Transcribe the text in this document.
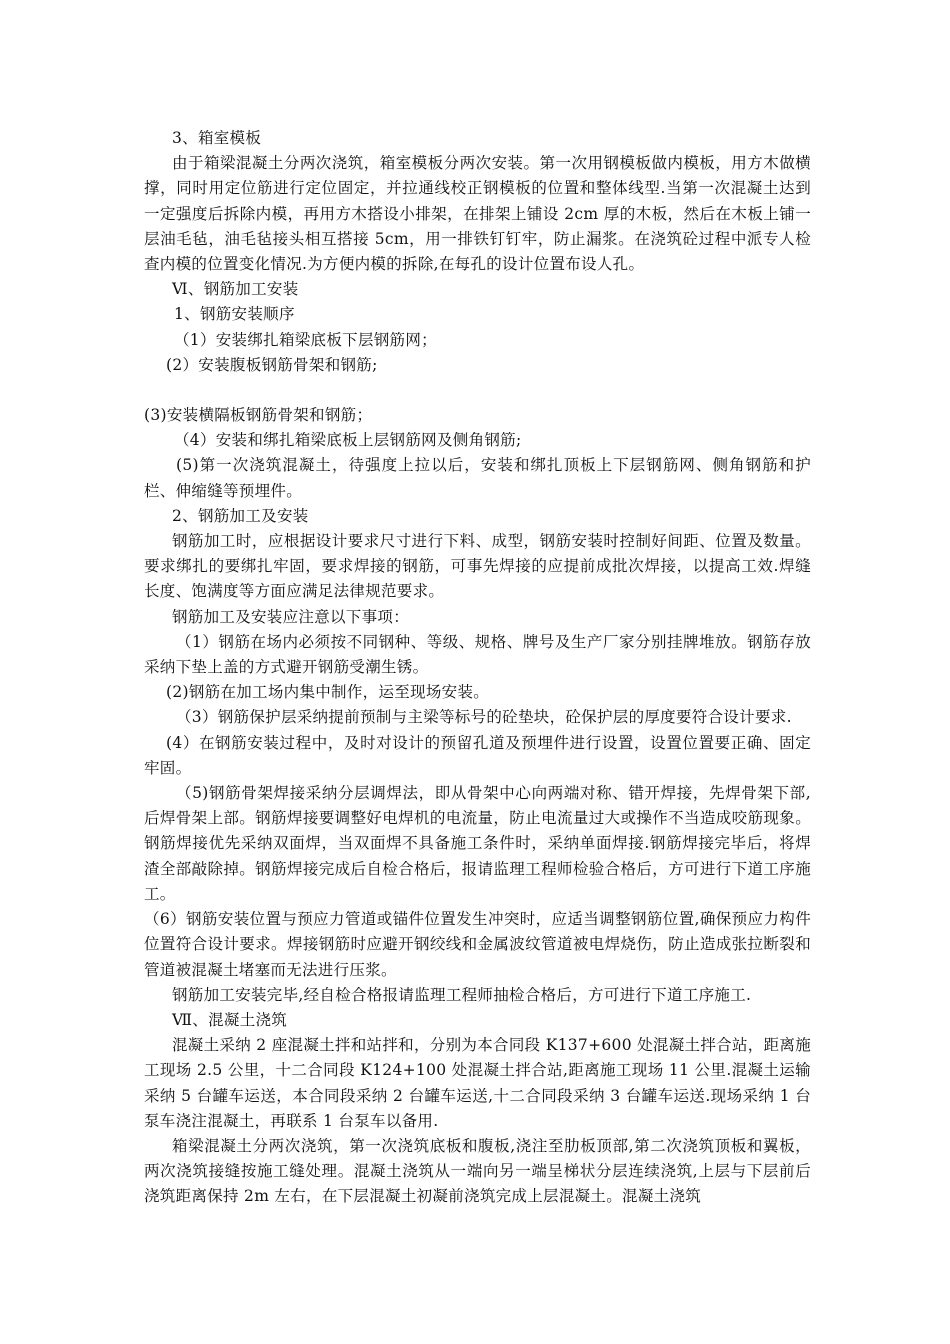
3、箱室模板

由于箱梁混凝土分两次浇筑，箱室模板分两次安装。第一次用钢模板做内模板，用方木做横撑，同时用定位筋进行定位固定，并拉通线校正钢模板的位置和整体线型.当第一次混凝土达到一定强度后拆除内模，再用方木搭设小排架，在排架上铺设 2cm 厚的木板，然后在木板上铺一层油毛毡，油毛毡接头相互搭接 5cm，用一排铁钉钉牢，防止漏浆。在浇筑砼过程中派专人检查内模的位置变化情况.为方便内模的拆除,在每孔的设计位置布设人孔。

Ⅵ、钢筋加工安装

1、钢筋安装顺序

（1）安装绑扎箱梁底板下层钢筋网；

(2）安装腹板钢筋骨架和钢筋;

(3)安装横隔板钢筋骨架和钢筋；

（4）安装和绑扎箱梁底板上层钢筋网及侧角钢筋;

(5)第一次浇筑混凝土，待强度上拉以后，安装和绑扎顶板上下层钢筋网、侧角钢筋和护栏、伸缩缝等预埋件。

2、钢筋加工及安装

钢筋加工时，应根据设计要求尺寸进行下料、成型，钢筋安装时控制好间距、位置及数量。要求绑扎的要绑扎牢固，要求焊接的钢筋，可事先焊接的应提前成批次焊接，以提高工效.焊缝长度、饱满度等方面应满足法律规范要求。

钢筋加工及安装应注意以下事项：

（1）钢筋在场内必须按不同钢种、等级、规格、牌号及生产厂家分别挂牌堆放。钢筋存放采纳下垫上盖的方式避开钢筋受潮生锈。

(2)钢筋在加工场内集中制作，运至现场安装。

（3）钢筋保护层采纳提前预制与主梁等标号的砼垫块，砼保护层的厚度要符合设计要求.

(4）在钢筋安装过程中，及时对设计的预留孔道及预埋件进行设置，设置位置要正确、固定牢固。

（5)钢筋骨架焊接采纳分层调焊法，即从骨架中心向两端对称、错开焊接，先焊骨架下部,后焊骨架上部。钢筋焊接要调整好电焊机的电流量，防止电流量过大或操作不当造成咬筋现象。钢筋焊接优先采纳双面焊，当双面焊不具备施工条件时，采纳单面焊接.钢筋焊接完毕后，将焊渣全部敲除掉。钢筋焊接完成后自检合格后，报请监理工程师检验合格后，方可进行下道工序施工。

（6）钢筋安装位置与预应力管道或锚件位置发生冲突时，应适当调整钢筋位置,确保预应力构件位置符合设计要求。焊接钢筋时应避开钢绞线和金属波纹管道被电焊烧伤，防止造成张拉断裂和管道被混凝土堵塞而无法进行压浆。

钢筋加工安装完毕,经自检合格报请监理工程师抽检合格后，方可进行下道工序施工.

Ⅶ、混凝土浇筑

混凝土采纳 2 座混凝土拌和站拌和，分别为本合同段 K137+600 处混凝土拌合站，距离施工现场 2.5 公里，十二合同段 K124+100 处混凝土拌合站,距离施工现场 11 公里.混凝土运输采纳 5 台罐车运送，本合同段采纳 2 台罐车运送,十二合同段采纳 3 台罐车运送.现场采纳 1 台泵车浇注混凝土，再联系 1 台泵车以备用.

箱梁混凝土分两次浇筑，第一次浇筑底板和腹板,浇注至肋板顶部,第二次浇筑顶板和翼板，两次浇筑接缝按施工缝处理。混凝土浇筑从一端向另一端呈梯状分层连续浇筑,上层与下层前后浇筑距离保持 2m 左右，在下层混凝土初凝前浇筑完成上层混凝土。混凝土浇筑
